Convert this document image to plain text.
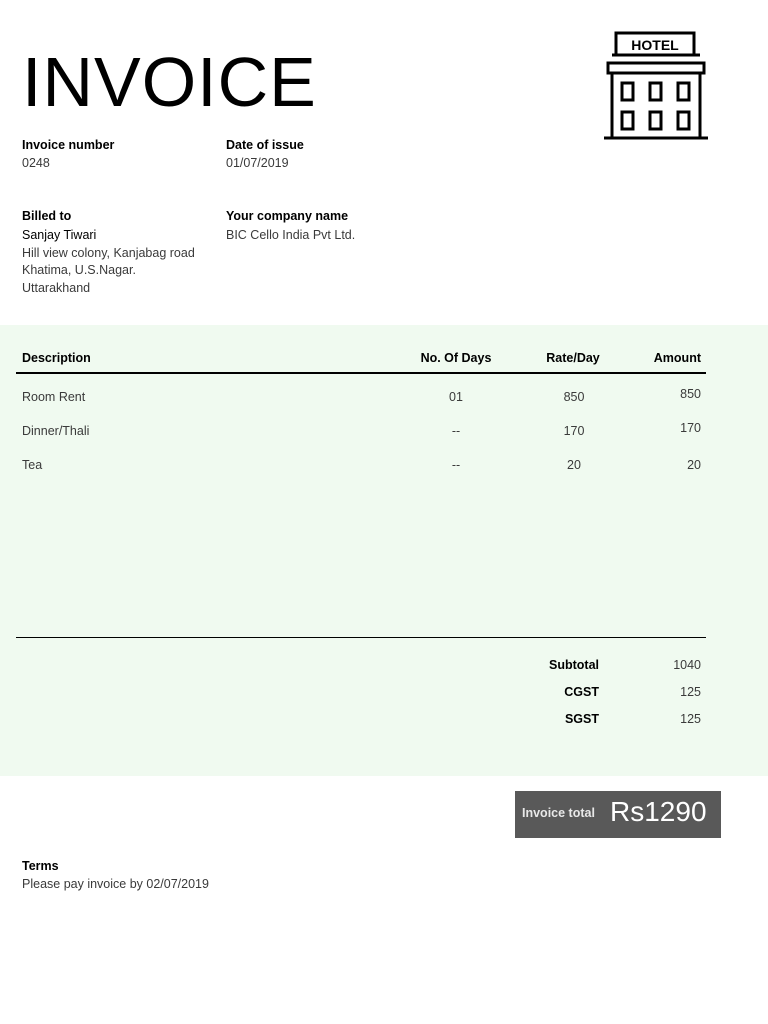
INVOICE	HOTEL
Invoice number
0248
Date of issue
01/07/2019
Billed to
Sanjay Tiwari
Hill view colony, Kanjabag road
Khatima, U.S.Nagar.
Uttarakhand
Your company name
BIC Cello India Pvt Ltd.
Description	No. Of Days	Rate/Day	Amount
Room Rent	01	850	850
Dinner/Thali	--	170	170
Tea	--	20	20
Subtotal	1040
CGST	125
SGST	125
Invoice total Rs1290
Terms
Please pay invoice by 02/07/2019
